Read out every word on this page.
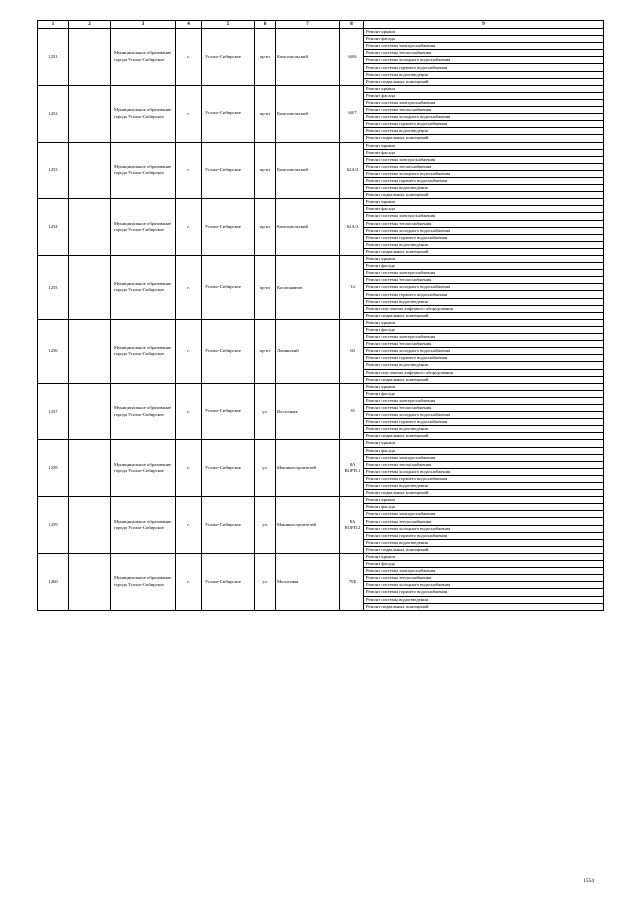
1	2	3	4	5	6	7	8	9
1251		Муниципальное образование города Усолье-Сибирское	г.	Усолье-Сибирское	пр-кт	Комсомольский	60/6	Ремонт крыши
								Ремонт фасада
								Ремонт системы электроснабжения
								Ремонт системы теплоснабжения
								Ремонт системы холодного водоснабжения
								Ремонт системы горячего водоснабжения
								Ремонт системы водоотведения
								Ремонт подвальных помещений
1252		Муниципальное образование города Усолье-Сибирское	г.	Усолье-Сибирское	пр-кт	Комсомольский	60/7	Ремонт крыши
								Ремонт фасада
								Ремонт системы электроснабжения
								Ремонт системы теплоснабжения
								Ремонт системы холодного водоснабжения
								Ремонт системы горячего водоснабжения
								Ремонт системы водоотведения
								Ремонт подвальных помещений
1253		Муниципальное образование города Усолье-Сибирское	г.	Усолье-Сибирское	пр-кт	Комсомольский	62А/2	Ремонт крыши
								Ремонт фасада
								Ремонт системы электроснабжения
								Ремонт системы теплоснабжения
								Ремонт системы холодного водоснабжения
								Ремонт системы горячего водоснабжения
								Ремонт системы водоотведения
								Ремонт подвальных помещений
1254		Муниципальное образование города Усолье-Сибирское	г.	Усолье-Сибирское	пр-кт	Комсомольский	62А/3	Ремонт крыши
								Ремонт фасада
								Ремонт системы электроснабжения
								Ремонт системы теплоснабжения
								Ремонт системы холодного водоснабжения
								Ремонт системы горячего водоснабжения
								Ремонт системы водоотведения
								Ремонт подвальных помещений
1255		Муниципальное образование города Усолье-Сибирское	г.	Усолье-Сибирское	пр-кт	Космонавтов	14	Ремонт крыши
								Ремонт фасада
								Ремонт системы электроснабжения
								Ремонт системы теплоснабжения
								Ремонт системы холодного водоснабжения
								Ремонт системы горячего водоснабжения
								Ремонт системы водоотведения
								Ремонт или замена лифтового оборудования
								Ремонт подвальных помещений
1256		Муниципальное образование города Усолье-Сибирское	г.	Усолье-Сибирское	пр-кт	Ленинский	60	Ремонт крыши
								Ремонт фасада
								Ремонт системы электроснабжения
								Ремонт системы теплоснабжения
								Ремонт системы холодного водоснабжения
								Ремонт системы горячего водоснабжения
								Ремонт системы водоотведения
								Ремонт или замена лифтового оборудования
								Ремонт подвальных помещений
1257		Муниципальное образование города Усолье-Сибирское	г.	Усолье-Сибирское	ул.	Восточная	35	Ремонт крыши
								Ремонт фасада
								Ремонт системы электроснабжения
								Ремонт системы теплоснабжения
								Ремонт системы холодного водоснабжения
								Ремонт системы горячего водоснабжения
								Ремонт системы водоотведения
								Ремонт подвальных помещений
1258		Муниципальное образование города Усолье-Сибирское	г.	Усолье-Сибирское	ул.	Машиностроителей	8А КОРП.1	Ремонт крыши
								Ремонт фасада
								Ремонт системы электроснабжения
								Ремонт системы теплоснабжения
								Ремонт системы холодного водоснабжения
								Ремонт системы горячего водоснабжения
								Ремонт системы водоотведения
								Ремонт подвальных помещений
1259		Муниципальное образование города Усолье-Сибирское	г.	Усолье-Сибирское	ул.	Машиностроителей	8А КОРП.2	Ремонт крыши
								Ремонт фасада
								Ремонт системы электроснабжения
								Ремонт системы теплоснабжения
								Ремонт системы холодного водоснабжения
								Ремонт системы горячего водоснабжения
								Ремонт системы водоотведения
								Ремонт подвальных помещений
1260		Муниципальное образование города Усолье-Сибирское	г.	Усолье-Сибирское	ул.	Молотовая	70Б	Ремонт крыши
								Ремонт фасада
								Ремонт системы электроснабжения
								Ремонт системы теплоснабжения
								Ремонт системы холодного водоснабжения
								Ремонт системы горячего водоснабжения
								Ремонт системы водоотведения
								Ремонт подвальных помещений
1554
